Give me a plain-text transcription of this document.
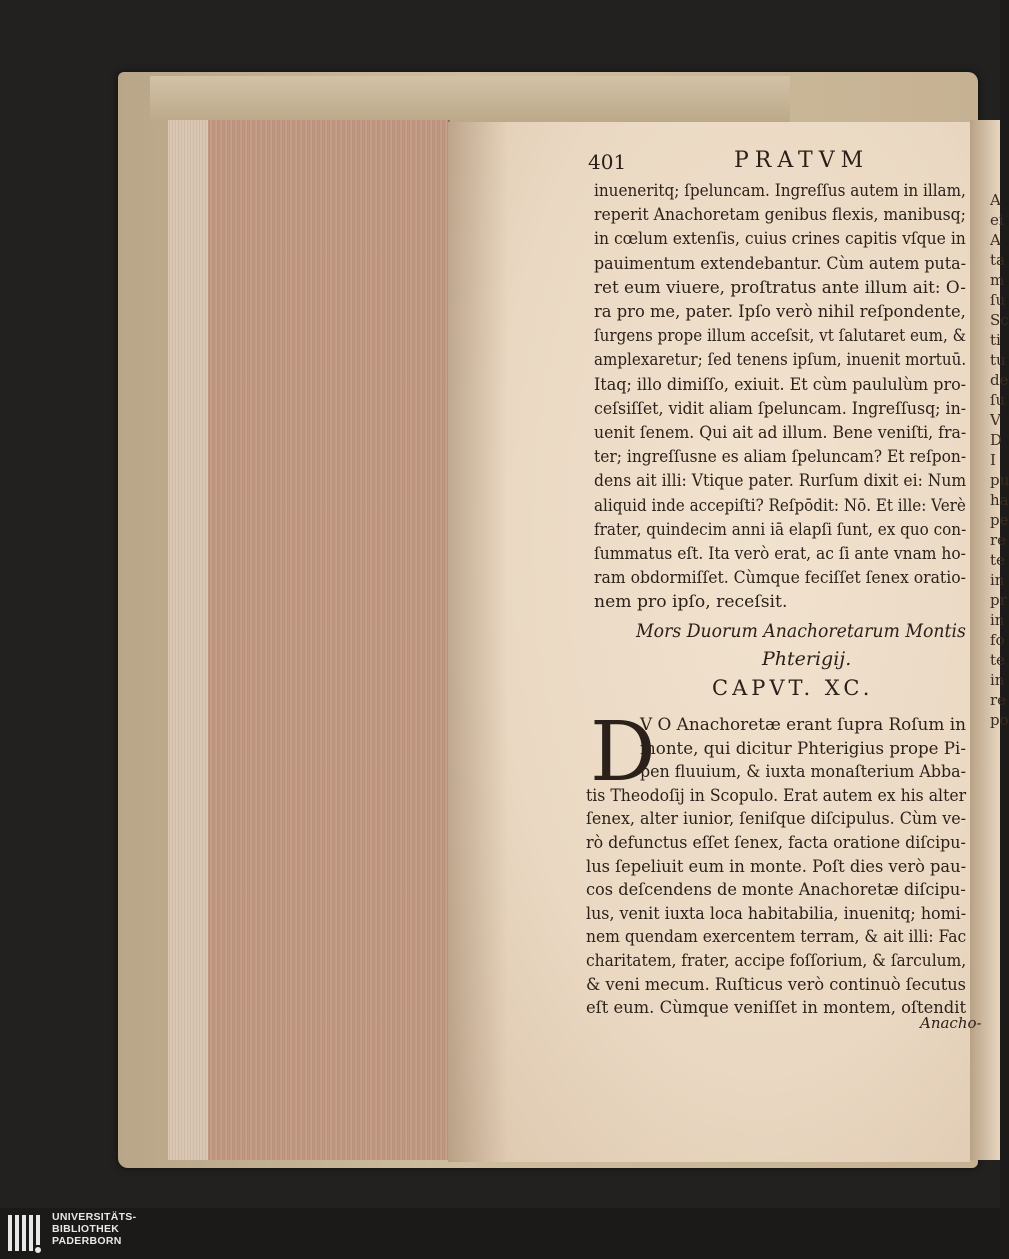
A
ei
A
ta
m
ſu
Sc
ti
tu
de
ſu
V
D
I
pu
ha
pe
re
te
in
pr
in
fo
te
in
re
po
401	PRATVM
inueneritq; ſpeluncam. Ingreſſus autem in illam,
reperit Anachoretam genibus flexis, manibusq;
in cœlum extenſis, cuius crines capitis vſque in
pauimentum extendebantur. Cùm autem puta-
ret eum viuere, proſtratus ante illum ait: O-
ra pro me, pater. Ipſo verò nihil reſpondente,
ſurgens prope illum acceſsit, vt ſalutaret eum, &
amplexaretur; ſed tenens ipſum, inuenit mortuū.
Itaq; illo dimiſſo, exiuit. Et cùm paululùm pro-
ceſsiſſet, vidit aliam ſpeluncam. Ingreſſusq; in-
uenit ſenem. Qui ait ad illum. Bene veniſti, fra-
ter; ingreſſusne es aliam ſpeluncam? Et reſpon-
dens ait illi: Vtique pater. Rurſum dixit ei: Num
aliquid inde accepiſti? Reſpōdit: Nō. Et ille: Verè
frater, quindecim anni iā elapſi ſunt, ex quo con-
ſummatus eſt. Ita verò erat, ac ſi ante vnam ho-
ram obdormiſſet. Cùmque feciſſet ſenex oratio-
nem pro ipſo, receſsit.
Mors Duorum Anachoretarum Montis
Phterigij.
CAPVT. XC.
D
V O Anachoretæ erant ſupra Roſum in
monte, qui dicitur Phterigius prope Pi-
pen fluuium, & iuxta monaſterium Abba-
tis Theodoſij in Scopulo. Erat autem ex his alter
ſenex, alter iunior, ſeniſque diſcipulus. Cùm ve-
rò defunctus eſſet ſenex, facta oratione diſcipu-
lus ſepeliuit eum in monte. Poſt dies verò pau-
cos deſcendens de monte Anachoretæ diſcipu-
lus, venit iuxta loca habitabilia, inuenitq; homi-
nem quendam exercentem terram, & ait illi: Fac
charitatem, frater, accipe foſſorium, & ſarculum,
& veni mecum. Ruſticus verò continuò ſecutus
eſt eum. Cùmque veniſſet in montem, oſtendit
Anacho-
UNIVERSITÄTS-
BIBLIOTHEK
PADERBORN
